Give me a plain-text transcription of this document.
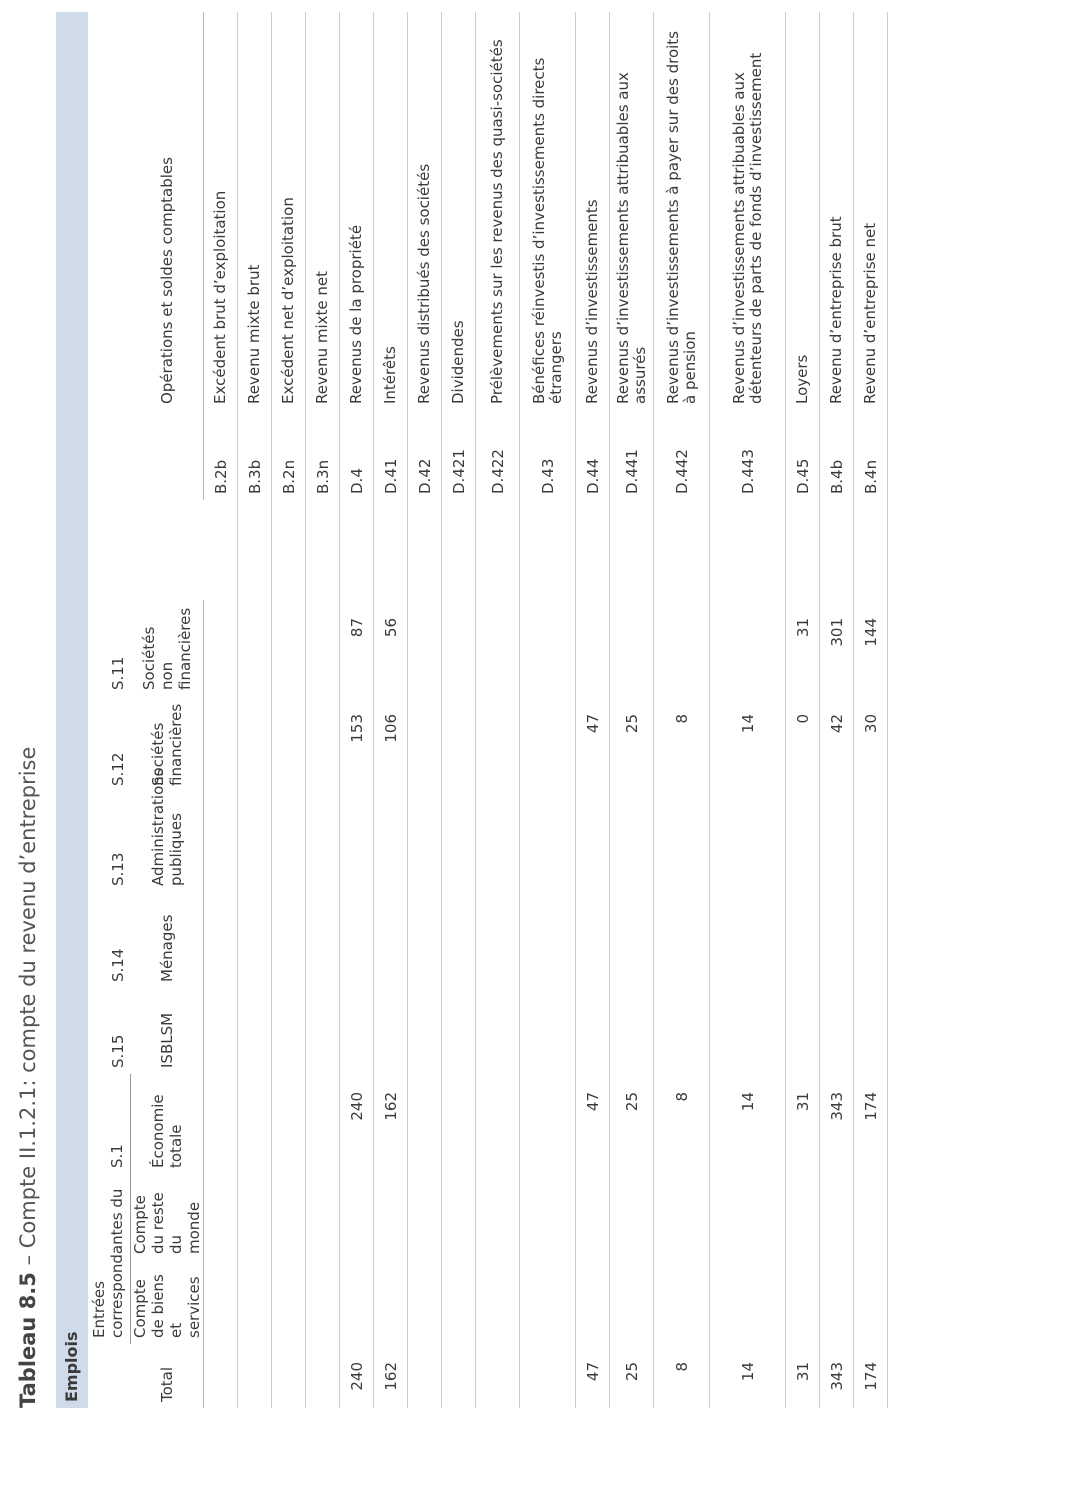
Tableau 8.5 – Compte II.1.2.1: compte du revenu d’entreprise
Emplois											
	Entrées correspondantes du		S.1	S.15	S.14	S.13	S.12	S.11			
Total	Compte de biens et services	Compte du reste du monde	Économie totale	ISBLSM	Ménages	Administrations publiques	Sociétés financières	Sociétés non financières		Opérations et soldes comptables	
										B.2b	Excédent brut d’exploitation
										B.3b	Revenu mixte brut
										B.2n	Excédent net d’exploitation
										B.3n	Revenu mixte net
240			240				153	87		D.4	Revenus de la propriété
162			162				106	56		D.41	Intérêts
										D.42	Revenus distribués des sociétés
										D.421	Dividendes
										D.422	Prélèvements sur les revenus des quasi-sociétés
										D.43	Bénéfices réinvestis d’investissements directs étrangers
47			47				47			D.44	Revenus d’investissements
25			25				25			D.441	Revenus d’investissements attribuables aux assurés
8			8				8			D.442	Revenus d’investissements à payer sur des droits à pension
14			14				14			D.443	Revenus d’investissements attribuables aux détenteurs de parts de fonds d’investissement
31			31				0	31		D.45	Loyers
343			343				42	301		B.4b	Revenu d’entreprise brut
174			174				30	144		B.4n	Revenu d’entreprise net
